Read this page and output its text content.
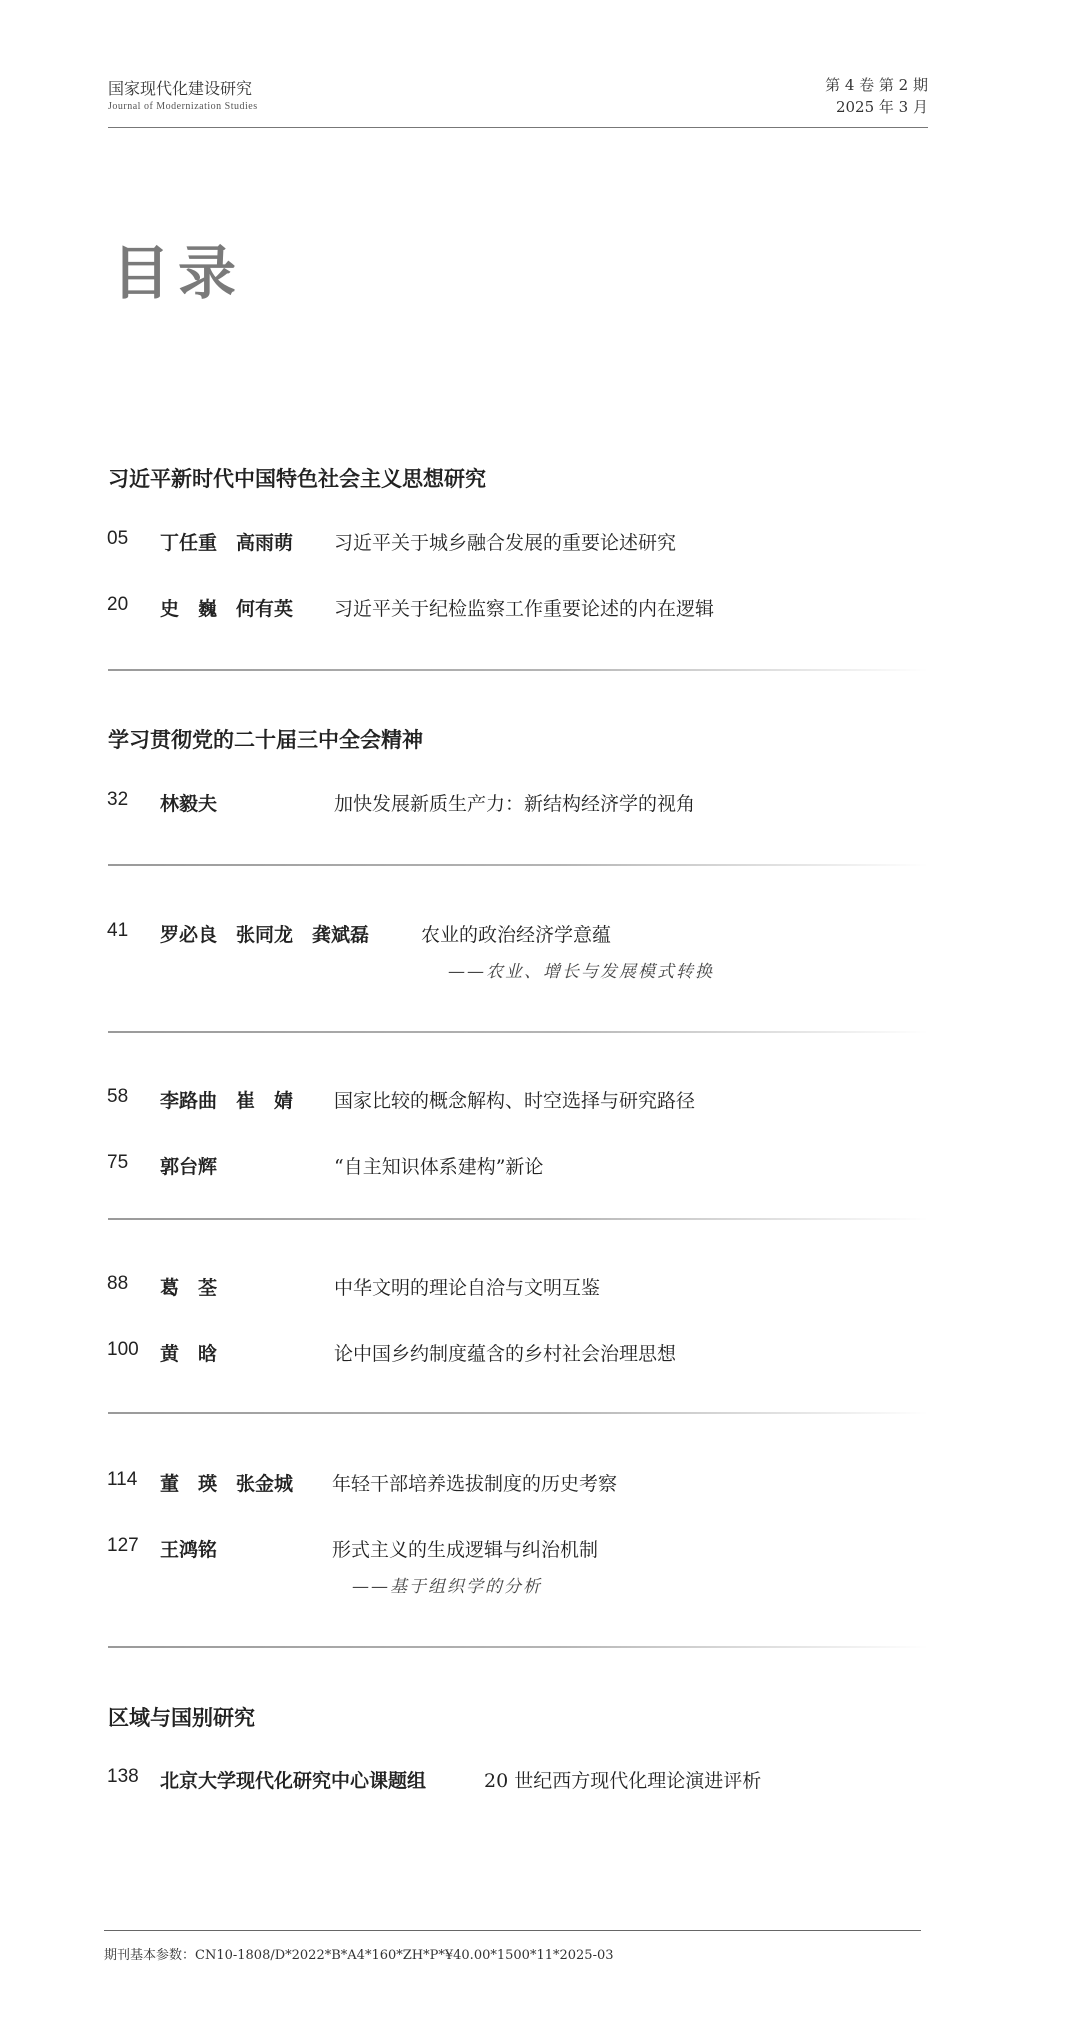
国家现代化建设研究
Journal of Modernization Studies
第 4 卷 第 2 期
2025 年 3 月
目录
习近平新时代中国特色社会主义思想研究
05 丁任重　高雨萌 习近平关于城乡融合发展的重要论述研究
20 史　巍　何有英 习近平关于纪检监察工作重要论述的内在逻辑
学习贯彻党的二十届三中全会精神
32 林毅夫	加快发展新质生产力：新结构经济学的视角
41 罗必良　张同龙　龚斌磊	农业的政治经济学意蕴
——农业、增长与发展模式转换
58 李路曲　崔　婧 国家比较的概念解构、时空选择与研究路径
75 郭台辉	“自主知识体系建构”新论
88 葛　荃	中华文明的理论自洽与文明互鉴
100 黄　晗	论中国乡约制度蕴含的乡村社会治理思想
114 董　瑛　张金城 年轻干部培养选拔制度的历史考察
127 王鸿铭	形式主义的生成逻辑与纠治机制
——基于组织学的分析
区域与国别研究
138 北京大学现代化研究中心课题组	20 世纪西方现代化理论演进评析
期刊基本参数：CN10-1808/D*2022*B*A4*160*ZH*P*¥40.00*1500*11*2025-03
